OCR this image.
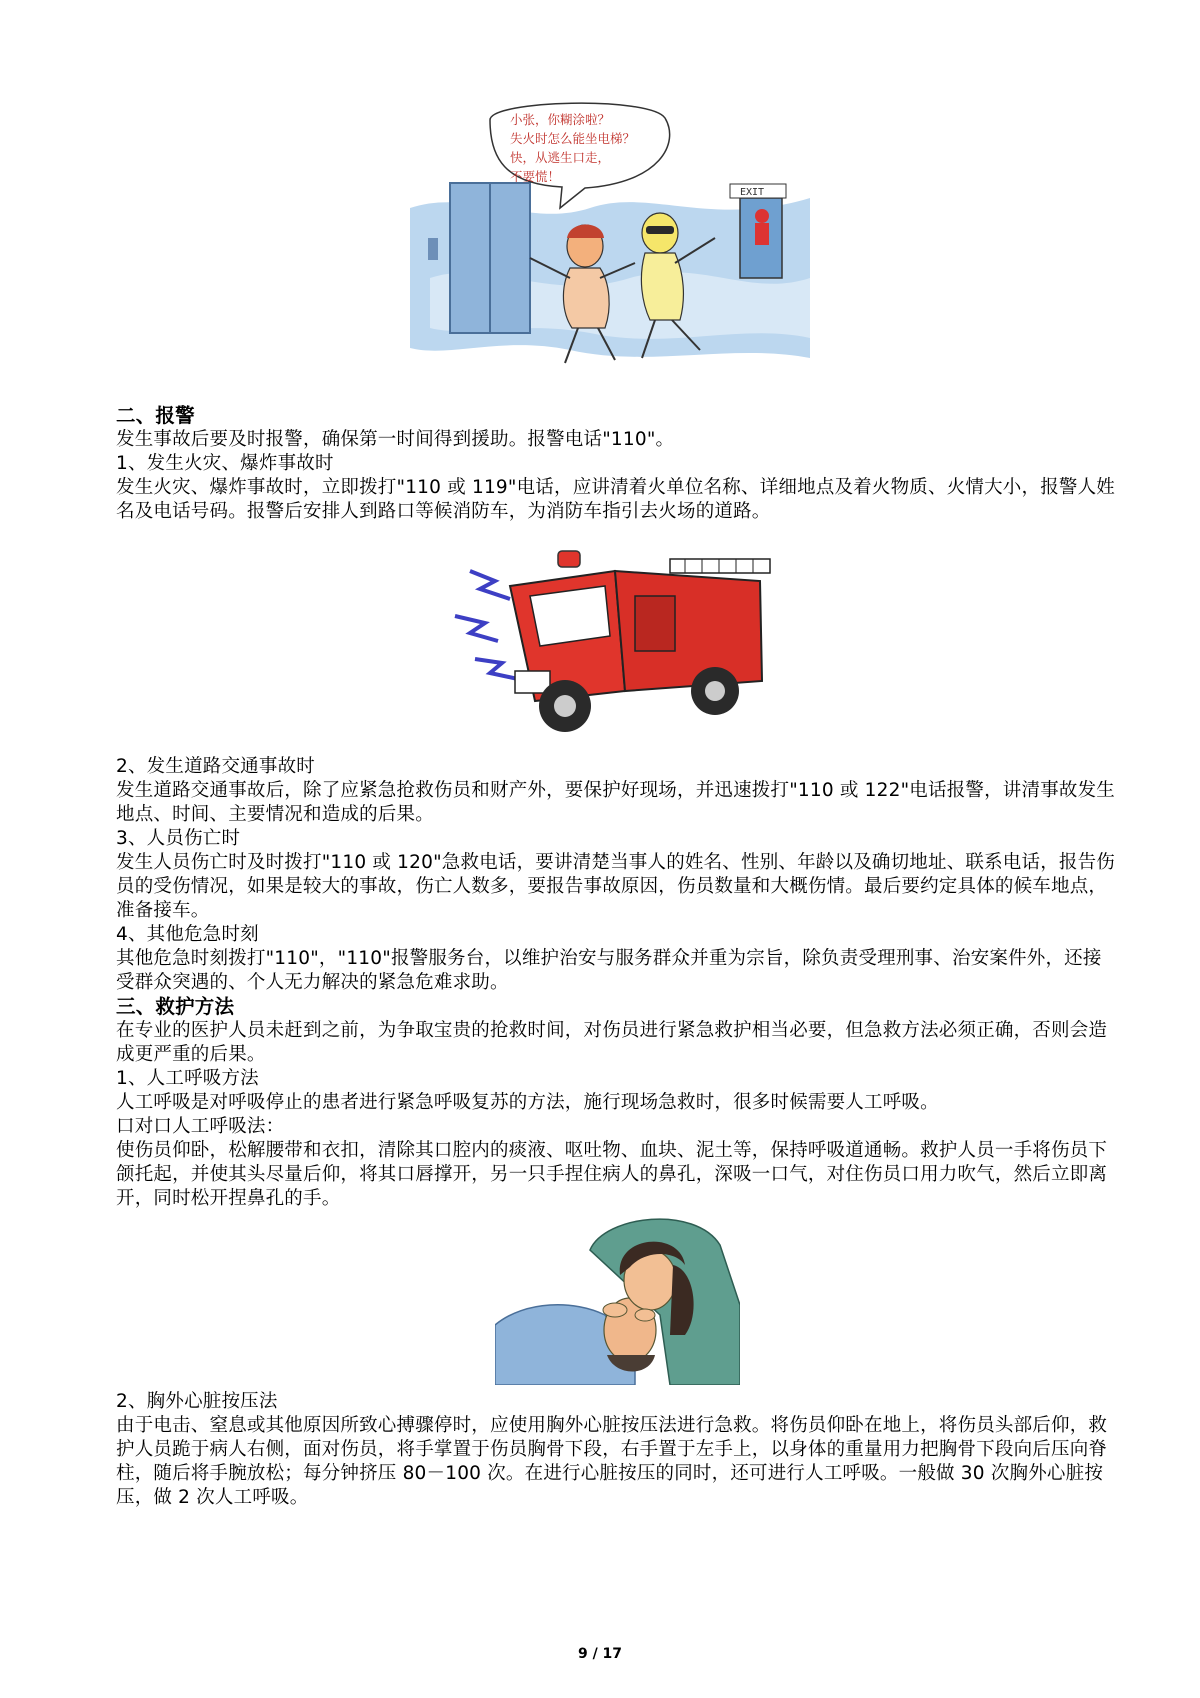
小张，你糊涂啦？
失火时怎么能坐电梯？
快，从逃生口走，
不要慌！
EXIT

二、报警

发生事故后要及时报警，确保第一时间得到援助。报警电话"110"。

1、发生火灾、爆炸事故时

发生火灾、爆炸事故时，立即拨打"110 或 119"电话，应讲清着火单位名称、详细地点及着火物质、火情大小，报警人姓名及电话号码。报警后安排人到路口等候消防车，为消防车指引去火场的道路。

2、发生道路交通事故时

发生道路交通事故后，除了应紧急抢救伤员和财产外，要保护好现场，并迅速拨打"110 或 122"电话报警，讲清事故发生地点、时间、主要情况和造成的后果。

3、人员伤亡时

发生人员伤亡时及时拨打"110 或 120"急救电话，要讲清楚当事人的姓名、性别、年龄以及确切地址、联系电话，报告伤员的受伤情况，如果是较大的事故，伤亡人数多，要报告事故原因，伤员数量和大概伤情。最后要约定具体的候车地点，准备接车。

4、其他危急时刻

其他危急时刻拨打"110"，"110"报警服务台，以维护治安与服务群众并重为宗旨，除负责受理刑事、治安案件外，还接受群众突遇的、个人无力解决的紧急危难求助。

三、救护方法

在专业的医护人员未赶到之前，为争取宝贵的抢救时间，对伤员进行紧急救护相当必要，但急救方法必须正确，否则会造成更严重的后果。

1、人工呼吸方法

人工呼吸是对呼吸停止的患者进行紧急呼吸复苏的方法，施行现场急救时，很多时候需要人工呼吸。

口对口人工呼吸法：

使伤员仰卧，松解腰带和衣扣，清除其口腔内的痰液、呕吐物、血块、泥土等，保持呼吸道通畅。救护人员一手将伤员下颌托起，并使其头尽量后仰，将其口唇撑开，另一只手捏住病人的鼻孔，深吸一口气，对住伤员口用力吹气，然后立即离开，同时松开捏鼻孔的手。

2、胸外心脏按压法

由于电击、窒息或其他原因所致心搏骤停时，应使用胸外心脏按压法进行急救。将伤员仰卧在地上，将伤员头部后仰，救护人员跪于病人右侧，面对伤员，将手掌置于伤员胸骨下段，右手置于左手上，以身体的重量用力把胸骨下段向后压向脊柱，随后将手腕放松；每分钟挤压 80－100 次。在进行心脏按压的同时，还可进行人工呼吸。一般做 30 次胸外心脏按压，做 2 次人工呼吸。

9 / 17
